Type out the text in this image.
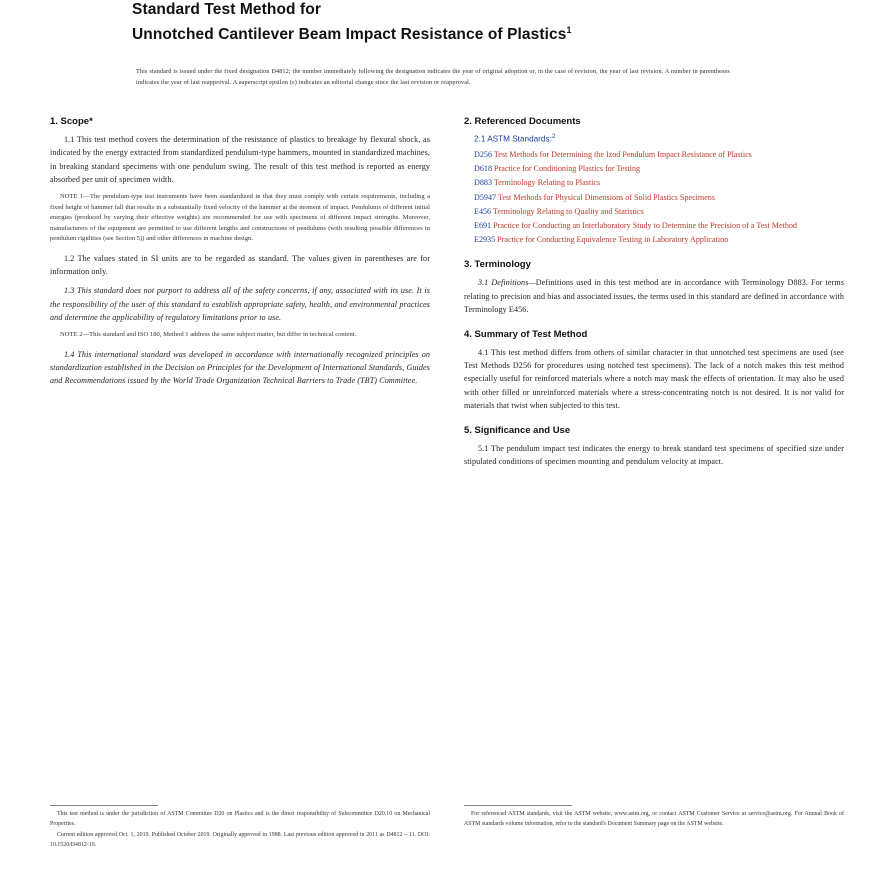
Standard Test Method for
Unnotched Cantilever Beam Impact Resistance of Plastics$^1$
This standard is issued under the fixed designation D4812; the number immediately following the designation indicates the year of original adoption or, in the case of revision, the year of last revision. A number in parentheses indicates the year of last reapproval. A superscript epsilon (ε) indicates an editorial change since the last revision or reapproval.
1. Scope*

1.1 This test method covers the determination of the resistance of plastics to breakage by flexural shock, as indicated by the energy extracted from standardized pendulum-type hammers, mounted in standardized machines, in breaking standard specimens with one pendulum swing. The result of this test method is reported as energy absorbed per unit of specimen width.

NOTE 1—The pendulum-type test instruments have been standardized in that they must comply with certain requirements, including a fixed height of hammer fall that results in a substantially fixed velocity of the hammer at the moment of impact. Pendulums of different initial energies (produced by varying their effective weights) are recommended for use with specimens of different impact strengths. Moreover, manufacturers of the equipment are permitted to use different lengths and constructions of pendulums (with resulting possible differences in pendulum rigidities (see Section 5)) and other differences in machine design.

1.2 The values stated in SI units are to be regarded as standard. The values given in parentheses are for information only.

1.3 This standard does not purport to address all of the safety concerns, if any, associated with its use. It is the responsibility of the user of this standard to establish appropriate safety, health, and environmental practices and determine the applicability of regulatory limitations prior to use.

NOTE 2—This standard and ISO 180, Method 1 address the same subject matter, but differ in technical content.

1.4 This international standard was developed in accordance with internationally recognized principles on standardization established in the Decision on Principles for the Development of International Standards, Guides and Recommendations issued by the World Trade Organization Technical Barriers to Trade (TBT) Committee.

2. Referenced Documents
2.1 ASTM Standards:$^2$
D256 Test Methods for Determining the Izod Pendulum Impact Resistance of Plastics
D618 Practice for Conditioning Plastics for Testing
D883 Terminology Relating to Plastics
D5947 Test Methods for Physical Dimensions of Solid Plastics Specimens
E456 Terminology Relating to Quality and Statistics
E691 Practice for Conducting an Interlaboratory Study to Determine the Precision of a Test Method
E2935 Practice for Conducting Equivalence Testing in Laboratory Application
3. Terminology

3.1 Definitions—Definitions used in this test method are in accordance with Terminology D883. For terms relating to precision and bias and associated issues, the terms used in this standard are defined in accordance with Terminology E456.

4. Summary of Test Method

4.1 This test method differs from others of similar character in that unnotched test specimens are used (see Test Methods D256 for procedures using notched test specimens). The lack of a notch makes this test method especially useful for reinforced materials where a notch may mask the effects of orientation. It may also be used with other filled or unreinforced materials where a stress-concentrating notch is not desired. It is not valid for materials that twist when subjected to this test.

5. Significance and Use

5.1 The pendulum impact test indicates the energy to break standard test specimens of specified size under stipulated conditions of specimen mounting and pendulum velocity at impact.

This test method is under the jurisdiction of ASTM Committee D20 on Plastics and is the direct responsibility of Subcommittee D20.10 on Mechanical Properties.

Current edition approved Oct. 1, 2019. Published October 2019. Originally approved in 1988. Last previous edition approved in 2011 as D4812 – 11. DOI: 10.1520/D4812-19.

For referenced ASTM standards, visit the ASTM website, www.astm.org, or contact ASTM Customer Service at service@astm.org. For Annual Book of ASTM standards volume information, refer to the standard's Document Summary page on the ASTM website.
